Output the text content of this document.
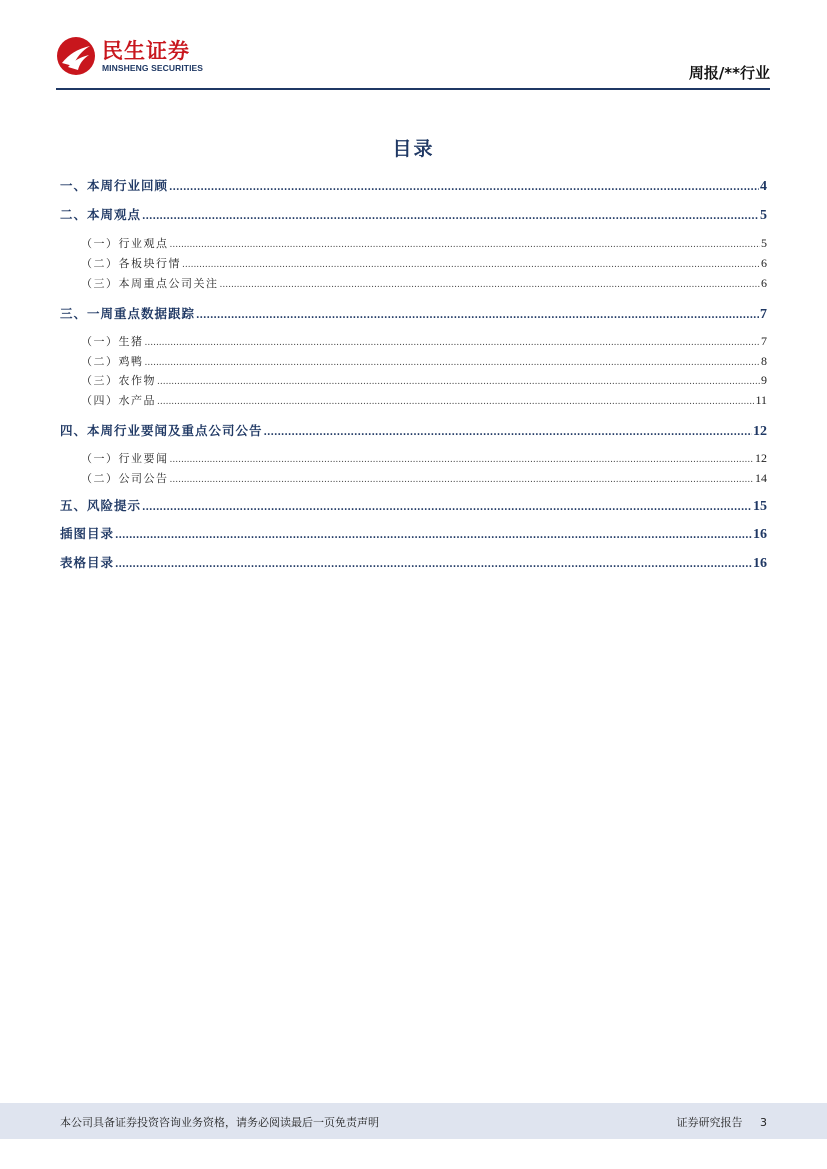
民生证券
MINSHENG SECURITIES	周报/**行业
目录
一、本周行业回顾 .....	4
二、本周观点 .....	5
（一）行业观点 .....	5
（二）各板块行情 .....	6
（三）本周重点公司关注 .....	6
三、一周重点数据跟踪 .....	7
（一）生猪 .....	7
（二）鸡鸭 .....	8
（三）农作物 .....	9
（四）水产品 .....	11
四、本周行业要闻及重点公司公告 .....	12
（一）行业要闻 .....	12
（二）公司公告 .....	14
五、风险提示 .....	15
插图目录 .....	16
表格目录 .....	16
本公司具备证券投资咨询业务资格，请务必阅读最后一页免责声明	证券研究报告 3
